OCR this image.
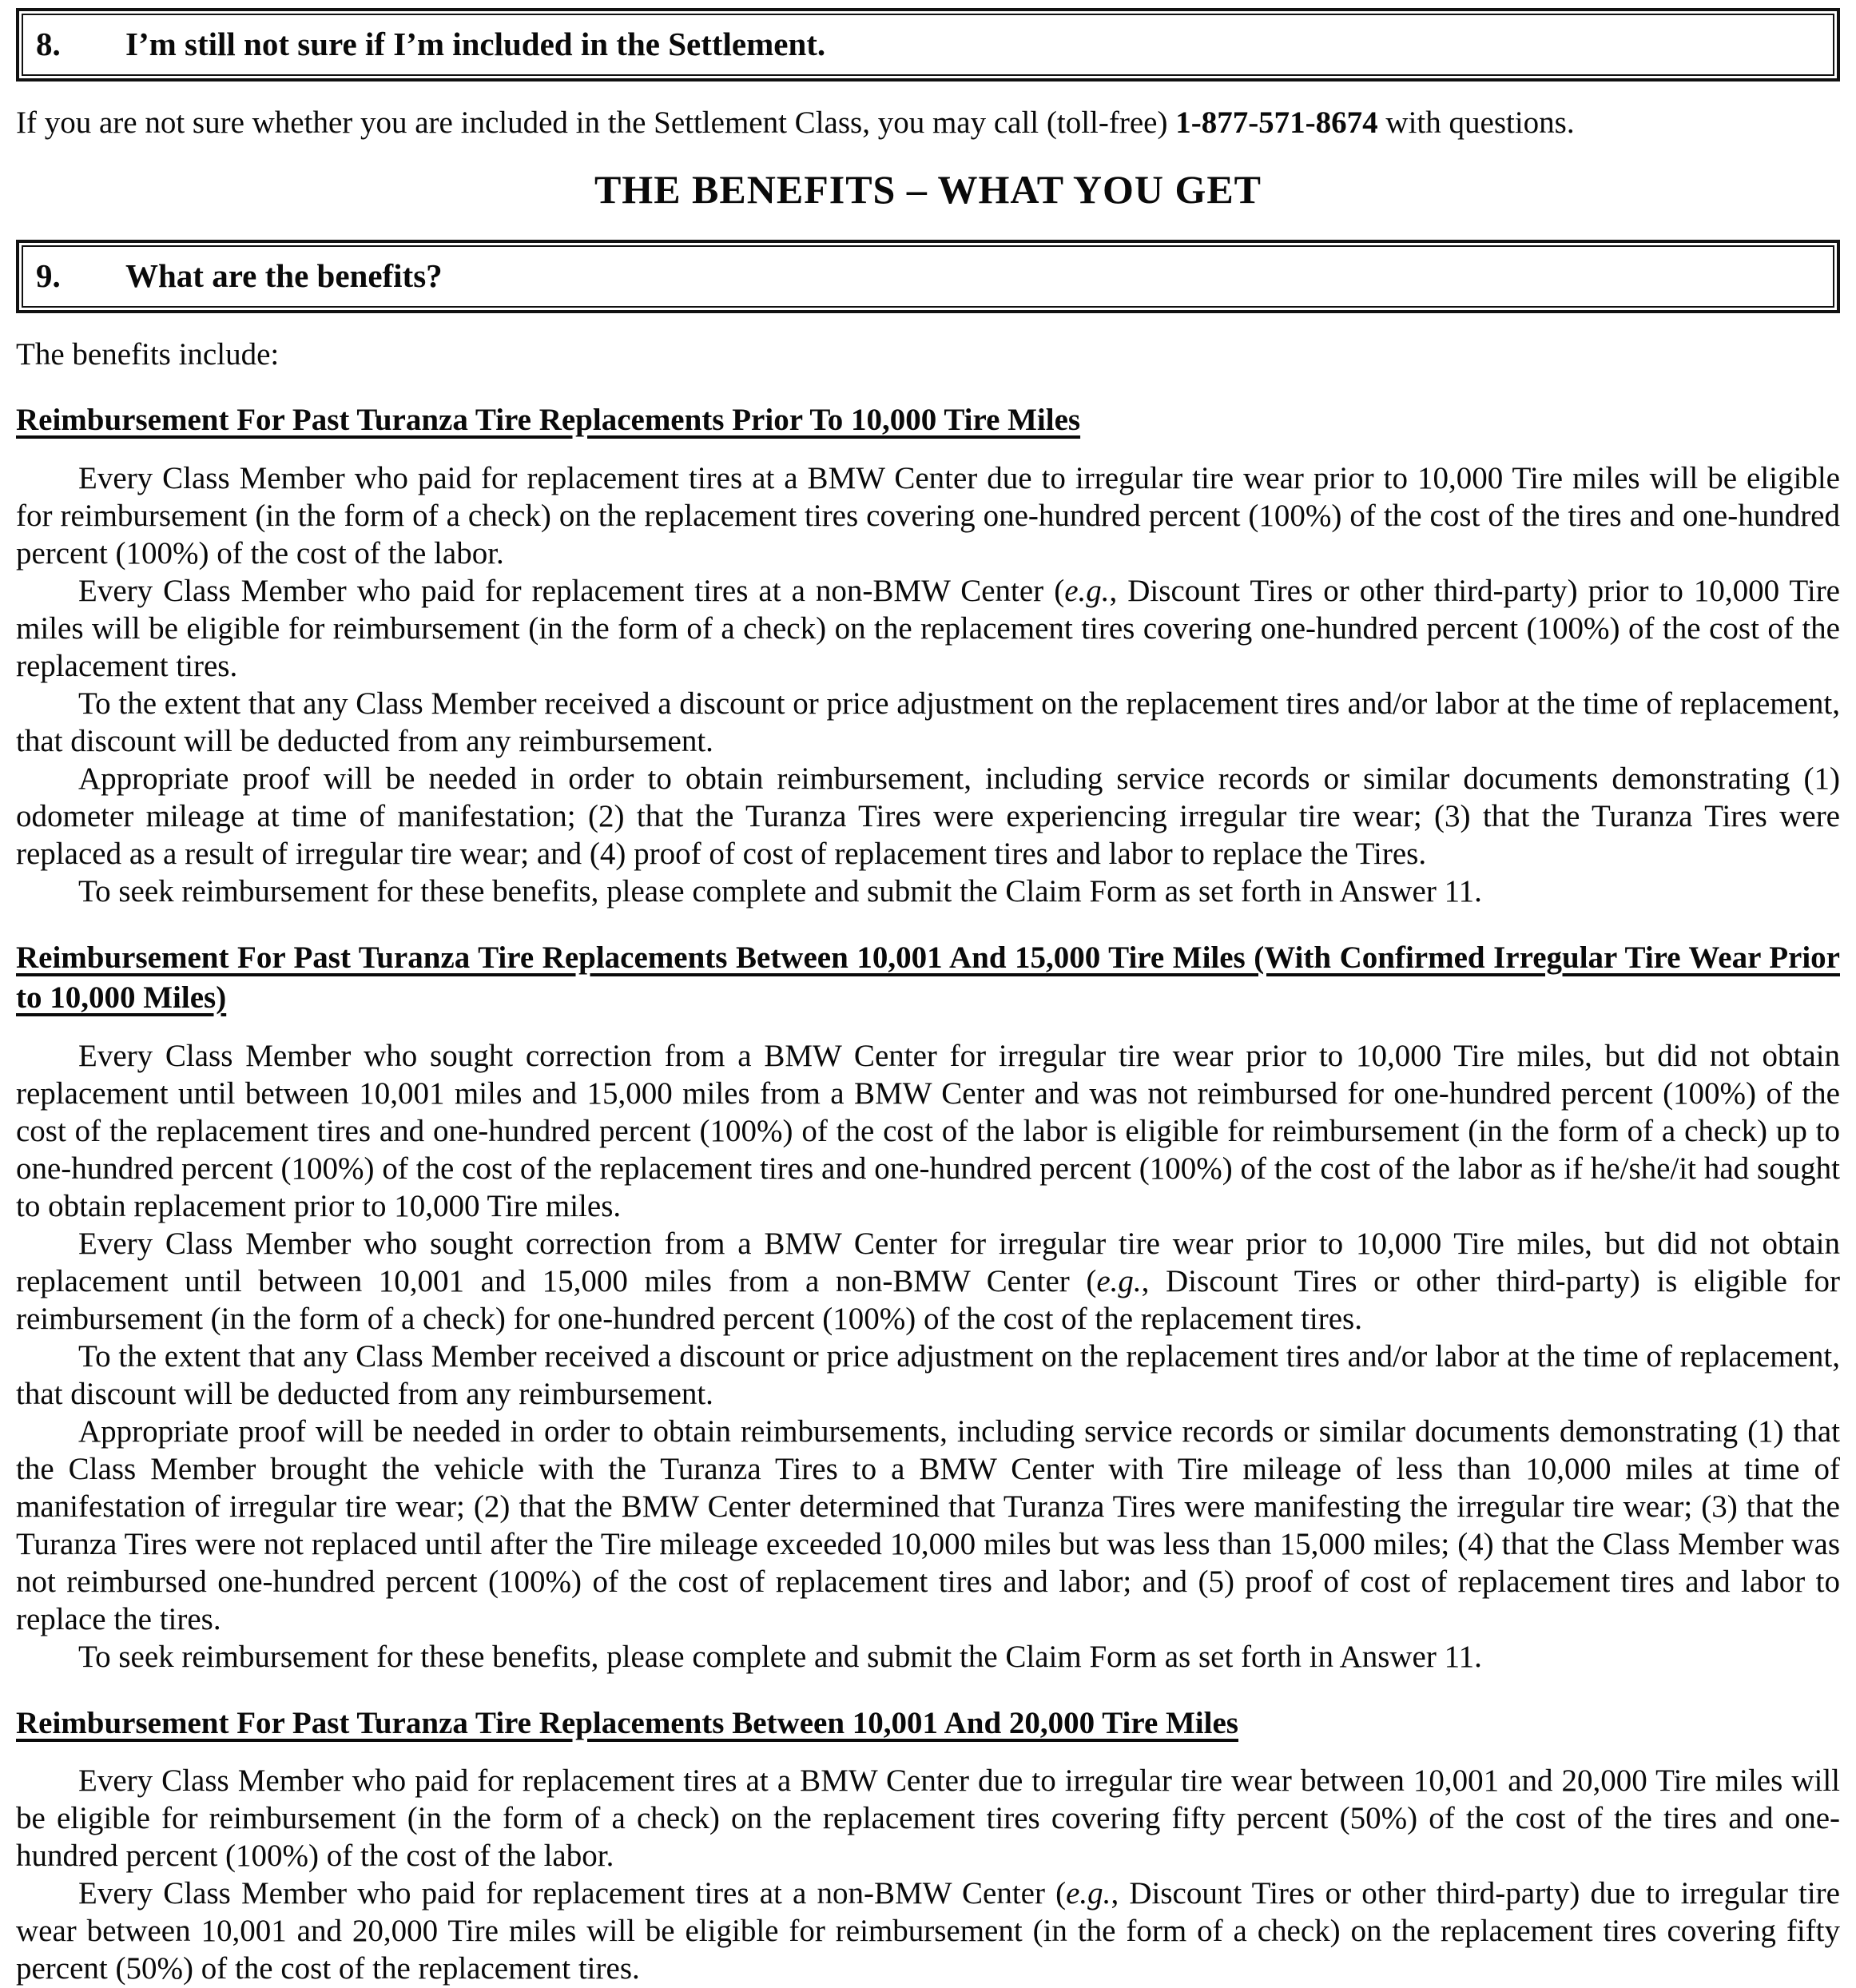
8.	I’m still not sure if I’m included in the Settlement.

If you are not sure whether you are included in the Settlement Class, you may call (toll-free) 1-877-571-8674 with questions.

THE BENEFITS – WHAT YOU GET
9.	What are the benefits?

The benefits include:

Reimbursement For Past Turanza Tire Replacements Prior To 10,000 Tire Miles

Every Class Member who paid for replacement tires at a BMW Center due to irregular tire wear prior to 10,000 Tire miles will be eligible for reimbursement (in the form of a check) on the replacement tires covering one-hundred percent (100%) of the cost of the tires and one-hundred percent (100%) of the cost of the labor.

Every Class Member who paid for replacement tires at a non-BMW Center (e.g., Discount Tires or other third-party) prior to 10,000 Tire miles will be eligible for reimbursement (in the form of a check) on the replacement tires covering one-hundred percent (100%) of the cost of the replacement tires.

To the extent that any Class Member received a discount or price adjustment on the replacement tires and/or labor at the time of replacement, that discount will be deducted from any reimbursement.

Appropriate proof will be needed in order to obtain reimbursement, including service records or similar documents demonstrating (1) odometer mileage at time of manifestation; (2) that the Turanza Tires were experiencing irregular tire wear; (3) that the Turanza Tires were replaced as a result of irregular tire wear; and (4) proof of cost of replacement tires and labor to replace the Tires.

To seek reimbursement for these benefits, please complete and submit the Claim Form as set forth in Answer 11.

Reimbursement For Past Turanza Tire Replacements Between 10,001 And 15,000 Tire Miles (With Confirmed Irregular Tire Wear Prior to 10,000 Miles)

Every Class Member who sought correction from a BMW Center for irregular tire wear prior to 10,000 Tire miles, but did not obtain replacement until between 10,001 miles and 15,000 miles from a BMW Center and was not reimbursed for one-hundred percent (100%) of the cost of the replacement tires and one-hundred percent (100%) of the cost of the labor is eligible for reimbursement (in the form of a check) up to one-hundred percent (100%) of the cost of the replacement tires and one-hundred percent (100%) of the cost of the labor as if he/she/it had sought to obtain replacement prior to 10,000 Tire miles.

Every Class Member who sought correction from a BMW Center for irregular tire wear prior to 10,000 Tire miles, but did not obtain replacement until between 10,001 and 15,000 miles from a non-BMW Center (e.g., Discount Tires or other third-party) is eligible for reimbursement (in the form of a check) for one-hundred percent (100%) of the cost of the replacement tires.

To the extent that any Class Member received a discount or price adjustment on the replacement tires and/or labor at the time of replacement, that discount will be deducted from any reimbursement.

Appropriate proof will be needed in order to obtain reimbursements, including service records or similar documents demonstrating (1) that the Class Member brought the vehicle with the Turanza Tires to a BMW Center with Tire mileage of less than 10,000 miles at time of manifestation of irregular tire wear; (2) that the BMW Center determined that Turanza Tires were manifesting the irregular tire wear; (3) that the Turanza Tires were not replaced until after the Tire mileage exceeded 10,000 miles but was less than 15,000 miles; (4) that the Class Member was not reimbursed one-hundred percent (100%) of the cost of replacement tires and labor; and (5) proof of cost of replacement tires and labor to replace the tires.

To seek reimbursement for these benefits, please complete and submit the Claim Form as set forth in Answer 11.

Reimbursement For Past Turanza Tire Replacements Between 10,001 And 20,000 Tire Miles

Every Class Member who paid for replacement tires at a BMW Center due to irregular tire wear between 10,001 and 20,000 Tire miles will be eligible for reimbursement (in the form of a check) on the replacement tires covering fifty percent (50%) of the cost of the tires and one-hundred percent (100%) of the cost of the labor.

Every Class Member who paid for replacement tires at a non-BMW Center (e.g., Discount Tires or other third-party) due to irregular tire wear between 10,001 and 20,000 Tire miles will be eligible for reimbursement (in the form of a check) on the replacement tires covering fifty percent (50%) of the cost of the replacement tires.
